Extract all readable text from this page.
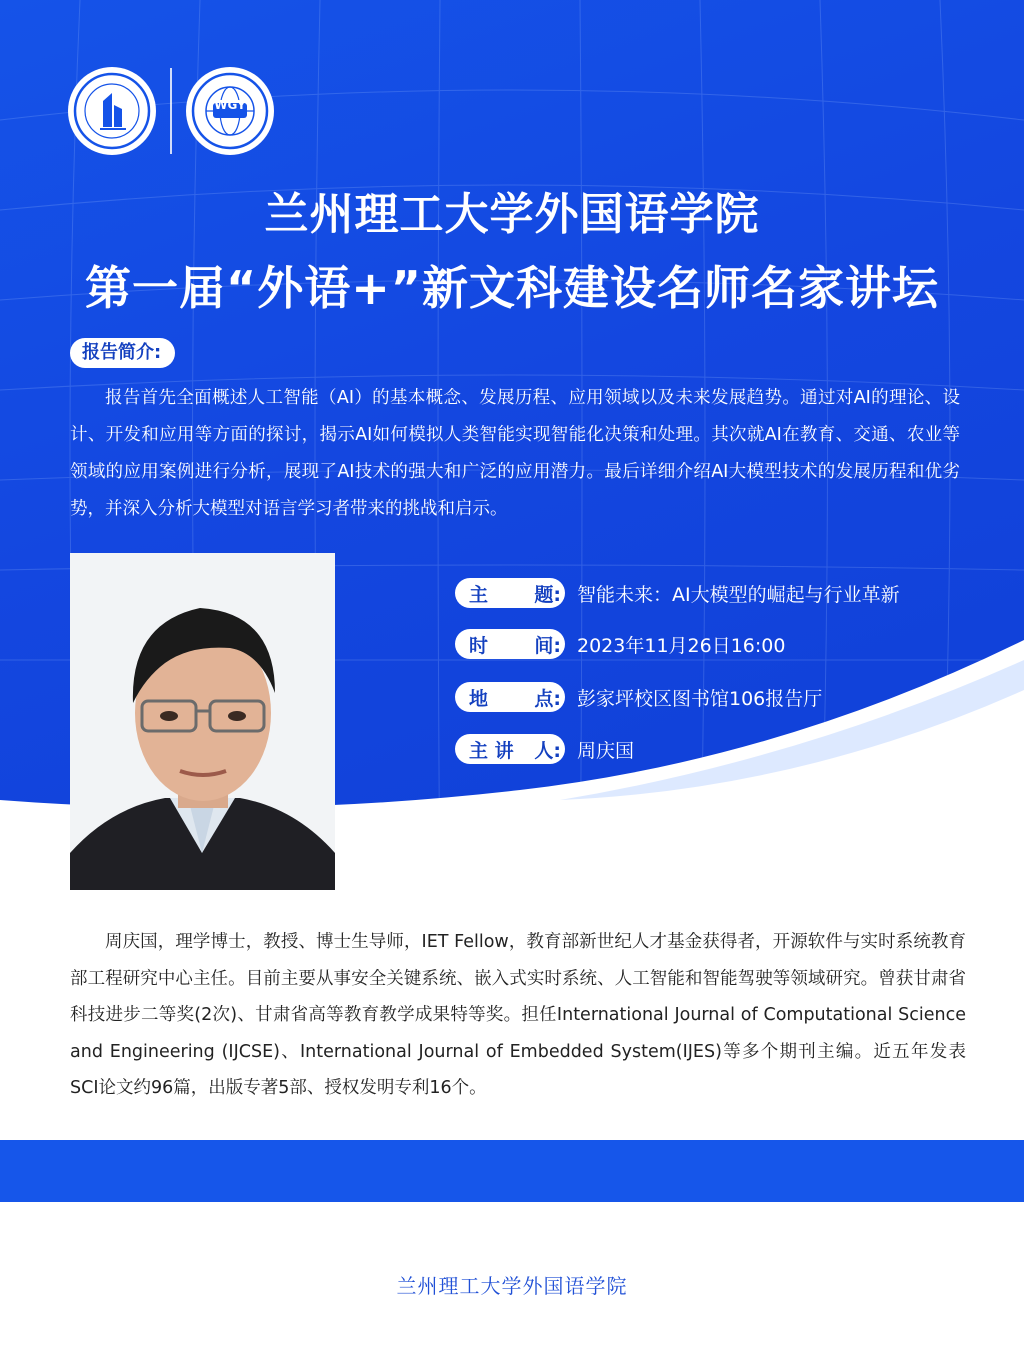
WGY
兰州理工大学外国语学院
第一届“外语+”新文科建设名师名家讲坛
报告简介:
报告首先全面概述人工智能（AI）的基本概念、发展历程、应用领域以及未来发展趋势。通过对AI的理论、设计、开发和应用等方面的探讨，揭示AI如何模拟人类智能实现智能化决策和处理。其次就AI在教育、交通、农业等领域的应用案例进行分析，展现了AI技术的强大和广泛的应用潜力。最后详细介绍AI大模型技术的发展历程和优劣势，并深入分析大模型对语言学习者带来的挑战和启示。
主 题: 智能未来：AI大模型的崛起与行业革新
时 间: 2023年11月26日16:00
地 点: 彭家坪校区图书馆106报告厅
主 讲 人: 周庆国
周庆国，理学博士，教授、博士生导师，IET Fellow，教育部新世纪人才基金获得者，开源软件与实时系统教育部工程研究中心主任。目前主要从事安全关键系统、嵌入式实时系统、人工智能和智能驾驶等领域研究。曾获甘肃省科技进步二等奖(2次)、甘肃省高等教育教学成果特等奖。担任International Journal of Computational Science and Engineering (IJCSE)、International Journal of Embedded System(IJES)等多个期刊主编。近五年发表SCI论文约96篇，出版专著5部、授权发明专利16个。
兰州理工大学外国语学院
